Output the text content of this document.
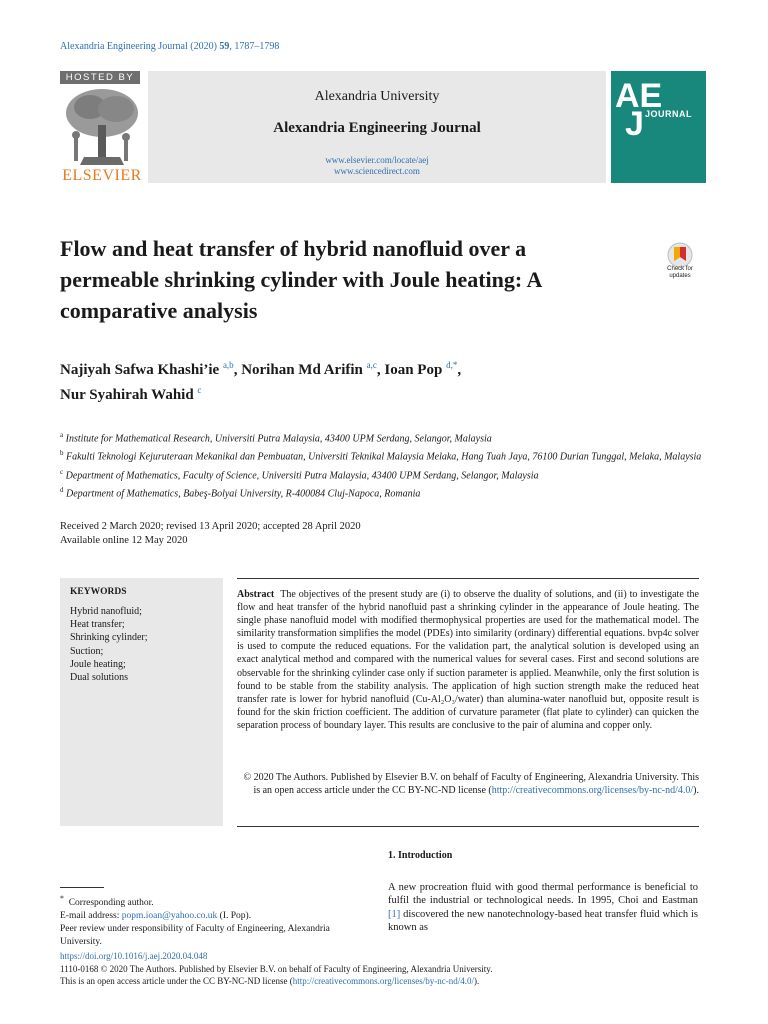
Alexandria Engineering Journal (2020) 59, 1787–1798
HOSTED BY
ELSEVIER
Alexandria University
Alexandria Engineering Journal
www.elsevier.com/locate/aej
www.sciencedirect.com
AE
J JOURNAL
Flow and heat transfer of hybrid nanofluid over a permeable shrinking cylinder with Joule heating: A comparative analysis
Check for updates
Najiyah Safwa Khashi’ie $^{a,b}$, Norihan Md Arifin $^{a,c}$, Ioan Pop $^{d,*}$,
Nur Syahirah Wahid $^c$
$^a$ Institute for Mathematical Research, Universiti Putra Malaysia, 43400 UPM Serdang, Selangor, Malaysia
$^b$ Fakulti Teknologi Kejuruteraan Mekanikal dan Pembuatan, Universiti Teknikal Malaysia Melaka, Hang Tuah Jaya, 76100 Durian Tunggal, Melaka, Malaysia
$^c$ Department of Mathematics, Faculty of Science, Universiti Putra Malaysia, 43400 UPM Serdang, Selangor, Malaysia
$^d$ Department of Mathematics, Babeş-Bolyai University, R-400084 Cluj-Napoca, Romania
Received 2 March 2020; revised 13 April 2020; accepted 28 April 2020
Available online 12 May 2020
KEYWORDS
Hybrid nanofluid;
Heat transfer;
Shrinking cylinder;
Suction;
Joule heating;
Dual solutions
Abstract The objectives of the present study are (i) to observe the duality of solutions, and (ii) to investigate the flow and heat transfer of the hybrid nanofluid past a shrinking cylinder in the appearance of Joule heating. The single phase nanofluid model with modified thermophysical properties are used for the mathematical model. The similarity transformation simplifies the model (PDEs) into similarity (ordinary) differential equations. bvp4c solver is used to compute the reduced equations. For the validation part, the analytical solution is developed using an exact analytical method and compared with the numerical values for several cases. First and second solutions are observable for the shrinking cylinder case only if suction parameter is applied. Meanwhile, only the first solution is found to be stable from the stability analysis. The application of high suction strength make the reduced heat transfer rate is lower for hybrid nanofluid (Cu-Al₂O₃/water) than alumina-water nanofluid but, opposite result is found for the skin friction coefficient. The addition of curvature parameter (flat plate to cylinder) can quicken the separation process of boundary layer. This results are conclusive to the pair of alumina and copper only.
© 2020 The Authors. Published by Elsevier B.V. on behalf of Faculty of Engineering, Alexandria University. This is an open access article under the CC BY-NC-ND license (http://creativecommons.org/licenses/by-nc-nd/4.0/).
1. Introduction
A new procreation fluid with good thermal performance is beneficial to fulfil the industrial or technological needs. In 1995, Choi and Eastman [1] discovered the new nanotechnology-based heat transfer fluid which is known as
* Corresponding author.
E-mail address: popm.ioan@yahoo.co.uk (I. Pop).
Peer review under responsibility of Faculty of Engineering, Alexandria University.
https://doi.org/10.1016/j.aej.2020.04.048
1110-0168 © 2020 The Authors. Published by Elsevier B.V. on behalf of Faculty of Engineering, Alexandria University.
This is an open access article under the CC BY-NC-ND license (http://creativecommons.org/licenses/by-nc-nd/4.0/).
